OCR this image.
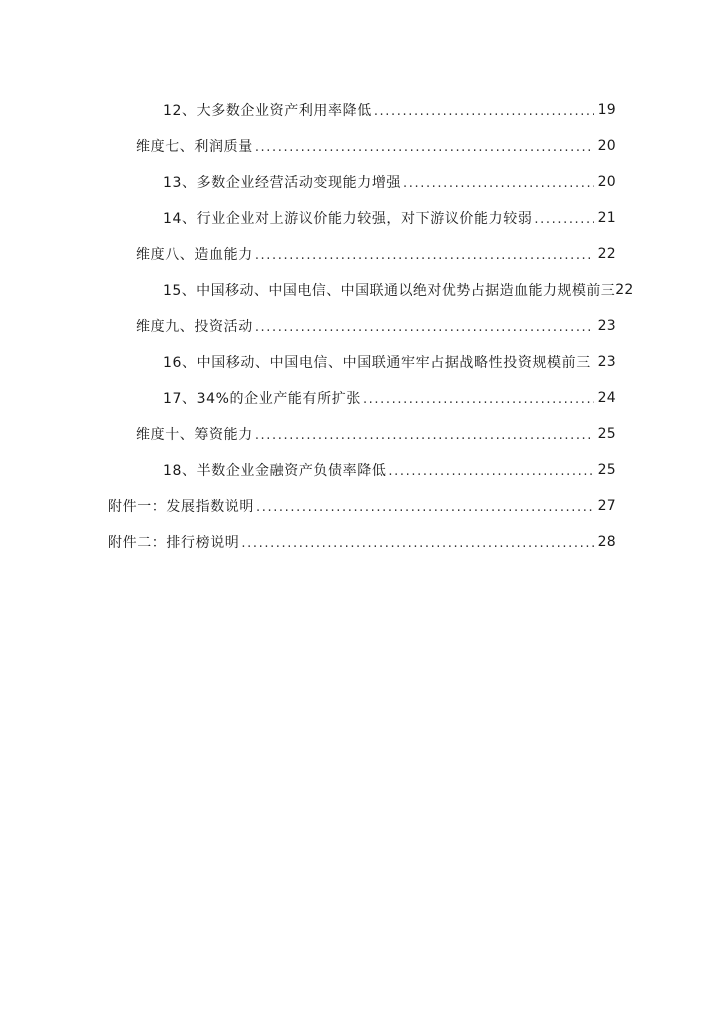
12、大多数企业资产利用率降低 .....	19
维度七、利润质量 .....	20
13、多数企业经营活动变现能力增强 .....	20
14、行业企业对上游议价能力较强，对下游议价能力较弱 .....	21
维度八、造血能力 .....	22
15、中国移动、中国电信、中国联通以绝对优势占据造血能力规模前三 22
维度九、投资活动 .....	23
16、中国移动、中国电信、中国联通牢牢占据战略性投资规模前三 ..... 23
17、34%的企业产能有所扩张 .....	24
维度十、筹资能力 .....	25
18、半数企业金融资产负债率降低 .....	25
附件一：发展指数说明 .....	27
附件二：排行榜说明 .....	28
